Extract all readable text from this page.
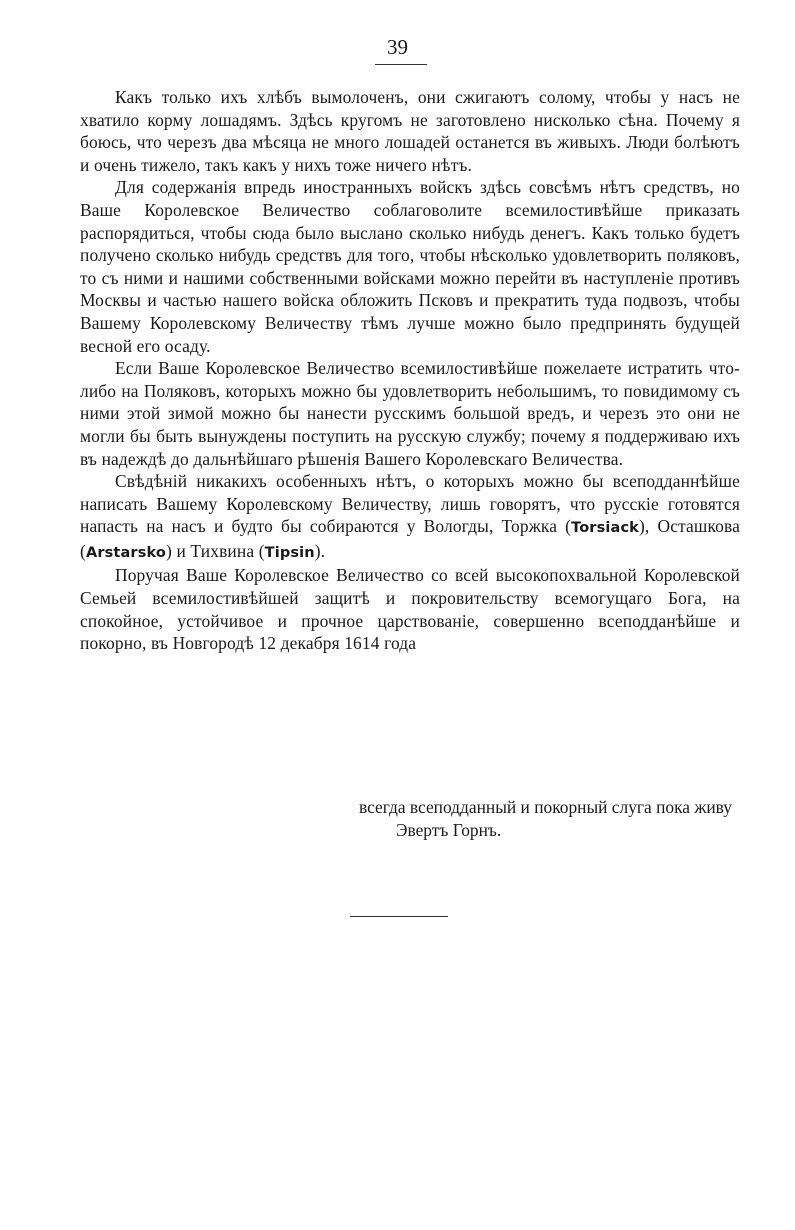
39

Какъ только ихъ хлѣбъ вымолоченъ, они сжигаютъ солому, чтобы у насъ не хватило корму лошадямъ. Здѣсь кругомъ не заготовлено нисколько сѣна. Почему я боюсь, что черезъ два мѣсяца не много лошадей останется въ живыхъ. Люди болѣютъ и очень тижело, такъ какъ у нихъ тоже ничего нѣтъ.

Для содержанія впредь иностранныхъ войскъ здѣсь совсѣмъ нѣтъ средствъ, но Ваше Королевское Величество соблаговолите всемилостивѣйше приказать распорядиться, чтобы сюда было выслано сколько нибудь денегъ. Какъ только будетъ получено сколько нибудь средствъ для того, чтобы нѣсколько удовлетворить поляковъ, то съ ними и нашими собственными войсками можно перейти въ наступленіе противъ Москвы и частью нашего войска обложить Псковъ и прекратить туда подвозъ, чтобы Вашему Королевскому Величеству тѣмъ лучше можно было предпринять будущей весной его осаду.

Если Ваше Королевское Величество всемилостивѣйше пожелаете истратить что-либо на Поляковъ, которыхъ можно бы удовлетворить небольшимъ, то повидимому съ ними этой зимой можно бы нанести русскимъ большой вредъ, и черезъ это они не могли бы быть вынуждены поступить на русскую службу; почему я поддерживаю ихъ въ надеждѣ до дальнѣйшаго рѣшенія Вашего Королевскаго Величества.

Свѣдѣній никакихъ особенныхъ нѣтъ, о которыхъ можно бы всеподданнѣйше написать Вашему Королевскому Величеству, лишь говорятъ, что русскіе готовятся напасть на насъ и будто бы собираются у Вологды, Торжка (Torsiack), Осташкова (Arstarsko) и Тихвина (Tipsin).

Поручая Ваше Королевское Величество со всей высокопохвальной Королевской Семьей всемилостивѣйшей защитѣ и покровительству всемогущаго Бога, на спокойное, устойчивое и прочное царствованіе, совершенно всеподданѣйше и покорно, въ Новгородѣ 12 декабря 1614 года

всегда всеподданный и покорный слуга пока живу
Эвертъ Горнъ.
